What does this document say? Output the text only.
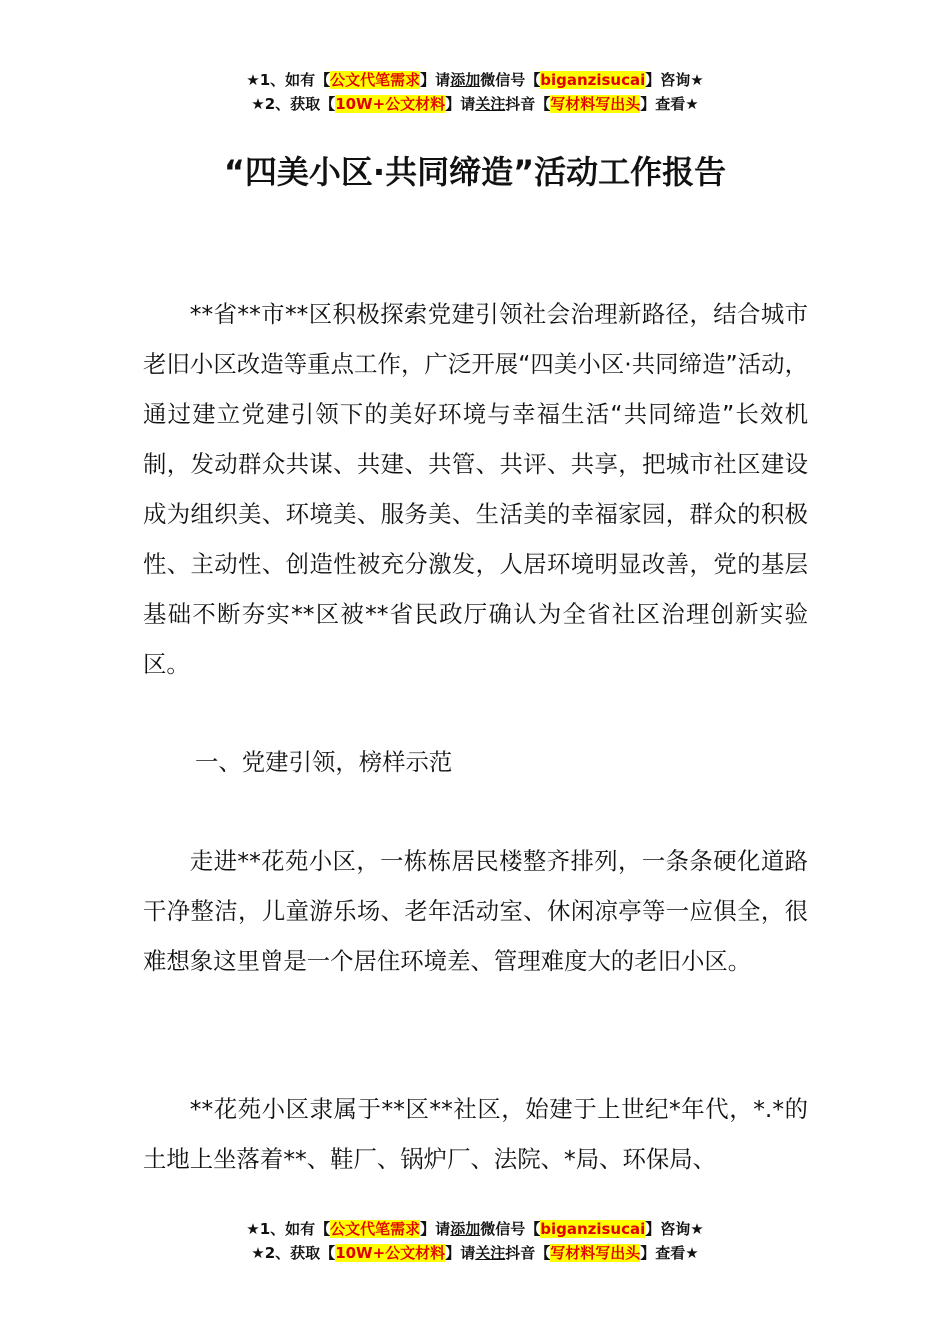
★1、如有【公文代笔需求】请添加微信号【biganzisucai】咨询★
★2、获取【10W+公文材料】请关注抖音【写材料写出头】查看★
“四美小区·共同缔造”活动工作报告

**省**市**区积极探索党建引领社会治理新路径，结合城市老旧小区改造等重点工作，广泛开展“四美小区·共同缔造”活动，通过建立党建引领下的美好环境与幸福生活“共同缔造”长效机制，发动群众共谋、共建、共管、共评、共享，把城市社区建设成为组织美、环境美、服务美、生活美的幸福家园，群众的积极性、主动性、创造性被充分激发，人居环境明显改善，党的基层基础不断夯实**区被**省民政厅确认为全省社区治理创新实验区。

一、党建引领，榜样示范

走进**花苑小区，一栋栋居民楼整齐排列，一条条硬化道路干净整洁，儿童游乐场、老年活动室、休闲凉亭等一应俱全，很难想象这里曾是一个居住环境差、管理难度大的老旧小区。

**花苑小区隶属于**区**社区，始建于上世纪*年代，*.*的土地上坐落着**、鞋厂、锅炉厂、法院、*局、环保局、

★1、如有【公文代笔需求】请添加微信号【biganzisucai】咨询★
★2、获取【10W+公文材料】请关注抖音【写材料写出头】查看★
